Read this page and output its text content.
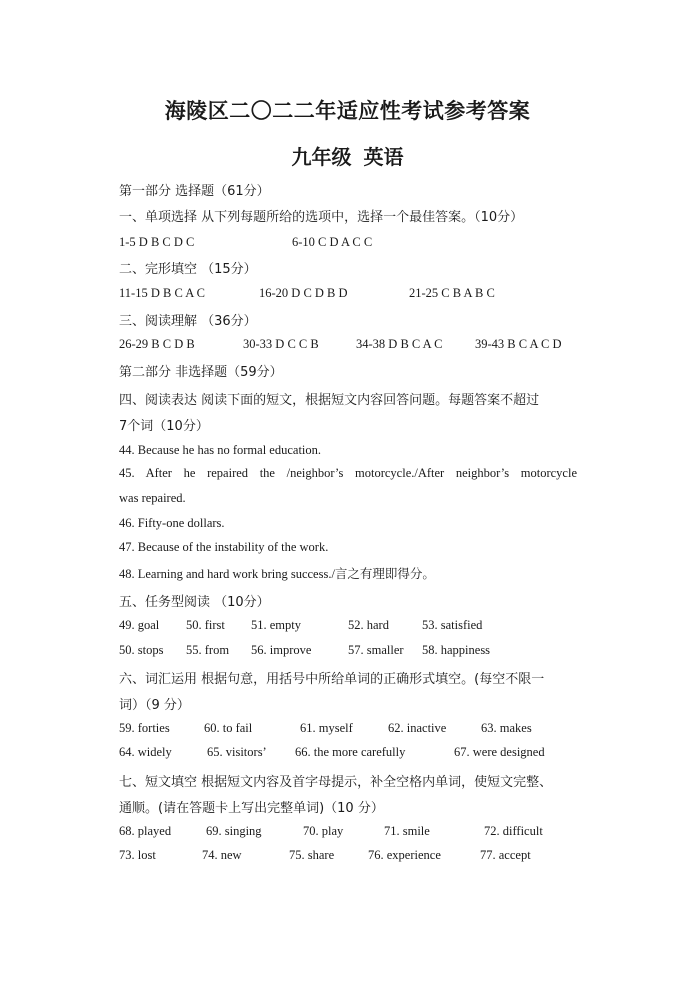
海陵区二〇二二年适应性考试参考答案
九年级 英语
第一部分 选择题（61分）
一、单项选择 从下列每题所给的选项中，选择一个最佳答案。（10分）
1-5 D B C D C	6-10 C D A C C
二、完形填空 （15分）
11-15 D B C A C	16-20 D C D B D	21-25 C B A B C
三、阅读理解 （36分）
26-29 B C D B	30-33 D C C B	34-38 D B C A C	39-43 B C A C D
第二部分 非选择题（59分）
四、阅读表达 阅读下面的短文，根据短文内容回答问题。每题答案不超过
7个词（10分）
44. Because he has no formal education.
45. After he repaired the /neighbor’s motorcycle./After neighbor’s motorcycle
was repaired.
46. Fifty-one dollars.
47. Because of the instability of the work.
48. Learning and hard work bring success./言之有理即得分。
五、任务型阅读 （10分）
49. goal 50. first 51. empty	52. hard	53. satisfied
50. stops 55. from 56. improve	57. smaller 58. happiness
六、词汇运用 根据句意，用括号中所给单词的正确形式填空。(每空不限一
词）（9 分）
59. forties	60. to fail	61. myself	62. inactive	63. makes
64. widely	65. visitors’ 66. the more carefully	67. were designed
七、短文填空 根据短文内容及首字母提示，补全空格内单词，使短文完整、
通顺。(请在答题卡上写出完整单词)（10 分）
68. played	69. singing	70. play	71. smile	72. difficult
73. lost	74. new	75. share	76. experience	77. accept
